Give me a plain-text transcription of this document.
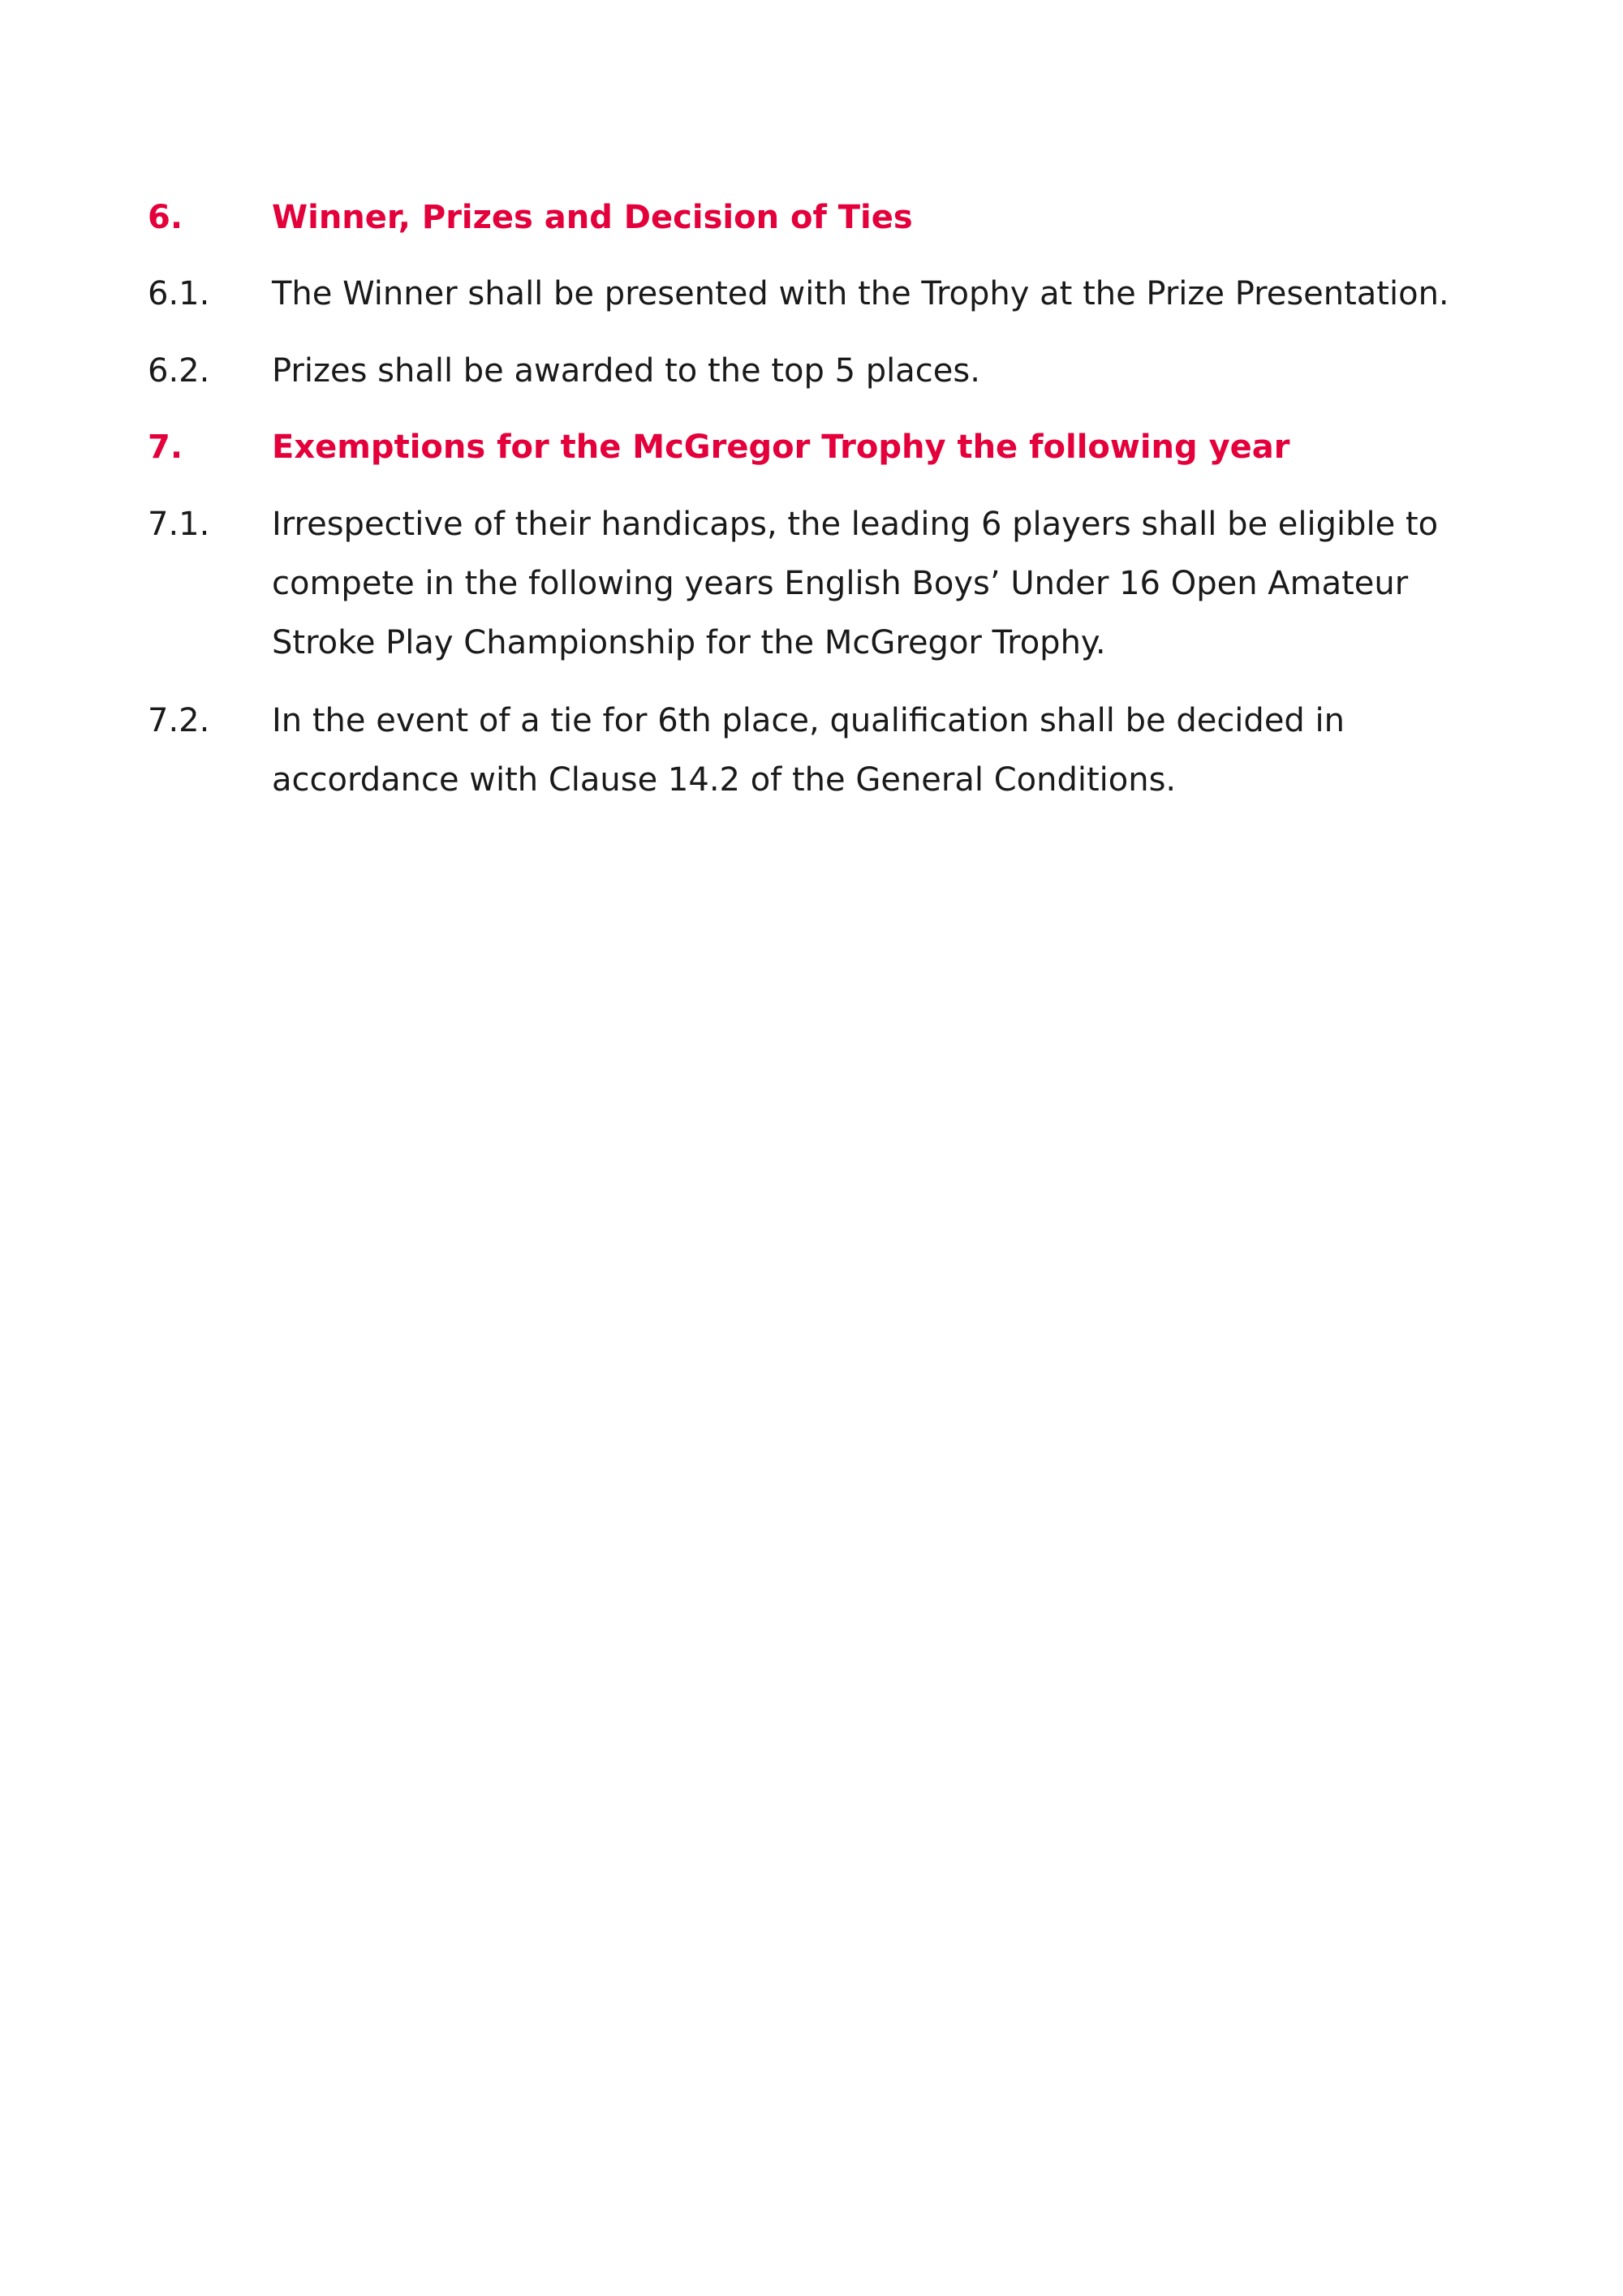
6.	Winner, Prizes and Decision of Ties
6.1.	The Winner shall be presented with the Trophy at the Prize Presentation.
6.2.	Prizes shall be awarded to the top 5 places.
7.	Exemptions for the McGregor Trophy the following year
7.1.	Irrespective of their handicaps, the leading 6 players shall be eligible to compete in the following years English Boys’ Under 16 Open Amateur Stroke Play Championship for the McGregor Trophy.
7.2.	In the event of a tie for 6th place, qualification shall be decided in accordance with Clause 14.2 of the General Conditions.
